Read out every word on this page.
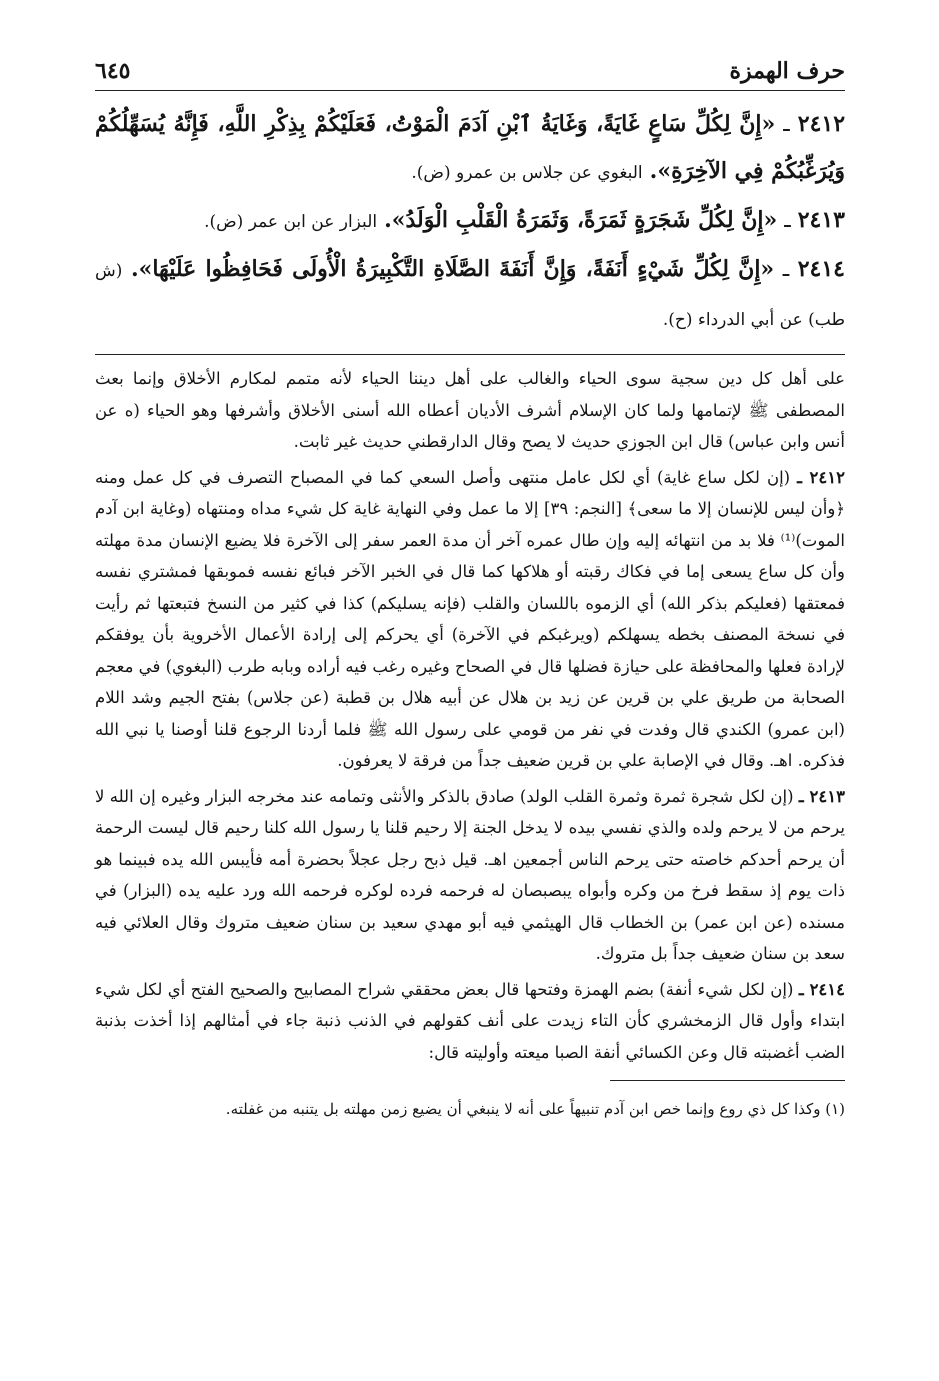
حرف الهمزة
٦٤٥

٢٤١٢ ـ «إِنَّ لِكُلِّ سَاعٍ غَايَةً، وَغَايَةُ ٱبْنِ آدَمَ الْمَوْتُ، فَعَلَيْكُمْ بِذِكْرِ اللَّهِ، فَإِنَّهُ يُسَهِّلُكُمْ وَيُرَغِّبُكُمْ فِي الآخِرَةِ». البغوي عن جلاس بن عمرو (ض).

٢٤١٣ ـ «إِنَّ لِكُلِّ شَجَرَةٍ ثَمَرَةً، وَثَمَرَةُ الْقَلْبِ الْوَلَدُ». البزار عن ابن عمر (ض).

٢٤١٤ ـ «إِنَّ لِكُلِّ شَيْءٍ أَنَفَةً، وَإِنَّ أَنَفَةَ الصَّلَاةِ التَّكْبِيرَةُ الْأُولَى فَحَافِظُوا عَلَيْهَا». (ش طب) عن أبي الدرداء (ح).

على أهل كل دين سجية سوى الحياء والغالب على أهل ديننا الحياء لأنه متمم لمكارم الأخلاق وإنما بعث المصطفى ﷺ لإتمامها ولما كان الإسلام أشرف الأديان أعطاه الله أسنى الأخلاق وأشرفها وهو الحياء (ه عن أنس وابن عباس) قال ابن الجوزي حديث لا يصح وقال الدارقطني حديث غير ثابت.

٢٤١٢ ـ (إن لكل ساع غاية) أي لكل عامل منتهى وأصل السعي كما في المصباح التصرف في كل عمل ومنه ﴿وأن ليس للإنسان إلا ما سعى﴾ [النجم: ٣٩] إلا ما عمل وفي النهاية غاية كل شيء مداه ومنتهاه (وغاية ابن آدم الموت)⁽¹⁾ فلا بد من انتهائه إليه وإن طال عمره آخر أن مدة العمر سفر إلى الآخرة فلا يضيع الإنسان مدة مهلته وأن كل ساع يسعى إما في فكاك رقبته أو هلاكها كما قال في الخبر الآخر فبائع نفسه فموبقها فمشتري نفسه فمعتقها (فعليكم بذكر الله) أي الزموه باللسان والقلب (فإنه يسليكم) كذا في كثير من النسخ فتبعتها ثم رأيت في نسخة المصنف بخطه يسهلكم (ويرغبكم في الآخرة) أي يحركم إلى إرادة الأعمال الأخروية بأن يوفقكم لإرادة فعلها والمحافظة على حيازة فضلها قال في الصحاح وغيره رغب فيه أراده وبابه طرب (البغوي) في معجم الصحابة من طريق علي بن قرين عن زيد بن هلال عن أبيه هلال بن قطبة (عن جلاس) بفتح الجيم وشد اللام (ابن عمرو) الكندي قال وفدت في نفر من قومي على رسول الله ﷺ فلما أردنا الرجوع قلنا أوصنا يا نبي الله فذكره. اهـ. وقال في الإصابة علي بن قرين ضعيف جداً من فرقة لا يعرفون.

٢٤١٣ ـ (إن لكل شجرة ثمرة وثمرة القلب الولد) صادق بالذكر والأنثى وتمامه عند مخرجه البزار وغيره إن الله لا يرحم من لا يرحم ولده والذي نفسي بيده لا يدخل الجنة إلا رحيم قلنا يا رسول الله كلنا رحيم قال ليست الرحمة أن يرحم أحدكم خاصته حتى يرحم الناس أجمعين اهـ. قيل ذبح رجل عجلاً بحضرة أمه فأيبس الله يده فبينما هو ذات يوم إذ سقط فرخ من وكره وأبواه يبصبصان له فرحمه فرده لوكره فرحمه الله ورد عليه يده (البزار) في مسنده (عن ابن عمر) بن الخطاب قال الهيثمي فيه أبو مهدي سعيد بن سنان ضعيف متروك وقال العلائي فيه سعد بن سنان ضعيف جداً بل متروك.

٢٤١٤ ـ (إن لكل شيء أنفة) بضم الهمزة وفتحها قال بعض محققي شراح المصابيح والصحيح الفتح أي لكل شيء ابتداء وأول قال الزمخشري كأن التاء زيدت على أنف كقولهم في الذنب ذنبة جاء في أمثالهم إذا أخذت بذنبة الضب أغضبته قال وعن الكسائي أنفة الصبا ميعته وأوليته قال:

(١) وكذا كل ذي روع وإنما خص ابن آدم تنبيهاً على أنه لا ينبغي أن يضيع زمن مهلته بل يتنبه من غفلته.
